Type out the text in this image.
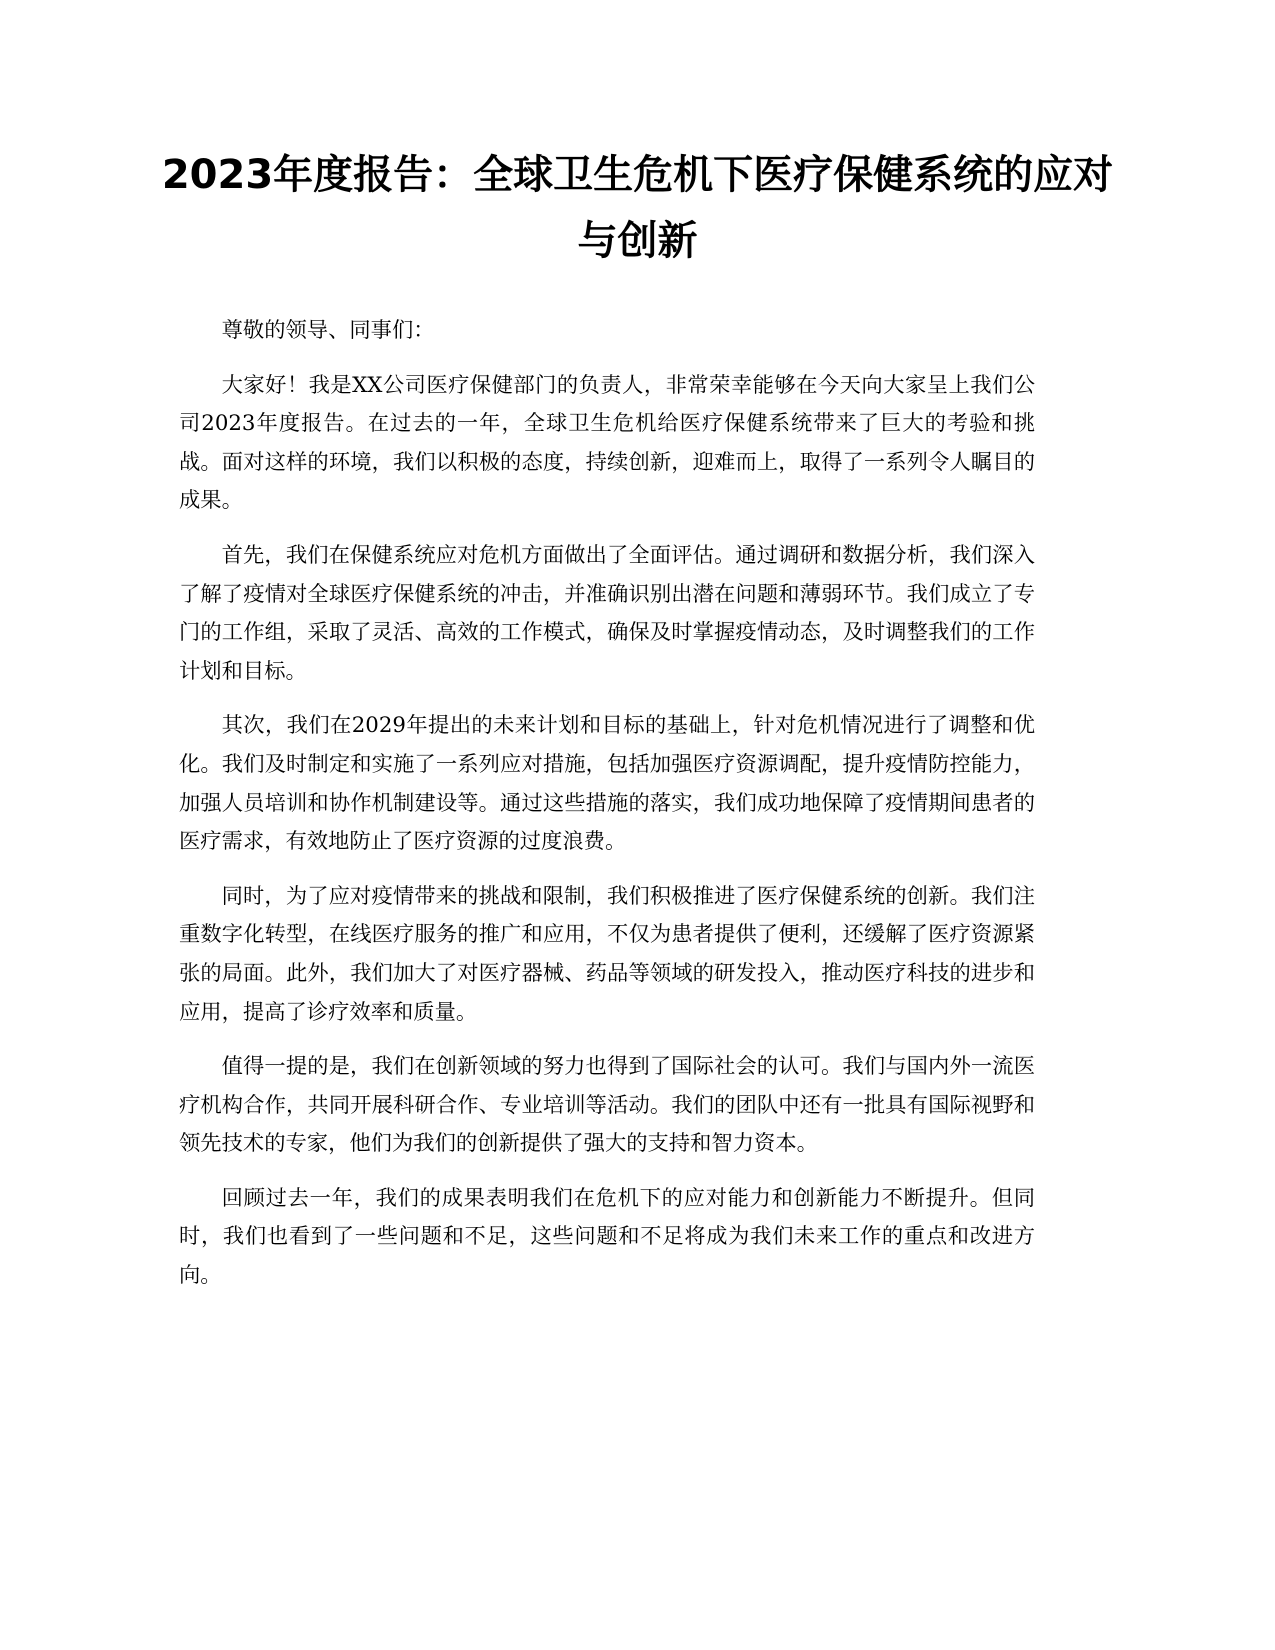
2023年度报告：全球卫生危机下医疗保健系统的应对与创新

尊敬的领导、同事们：

大家好！我是XX公司医疗保健部门的负责人，非常荣幸能够在今天向大家呈上我们公司2023年度报告。在过去的一年，全球卫生危机给医疗保健系统带来了巨大的考验和挑战。面对这样的环境，我们以积极的态度，持续创新，迎难而上，取得了一系列令人瞩目的成果。

首先，我们在保健系统应对危机方面做出了全面评估。通过调研和数据分析，我们深入了解了疫情对全球医疗保健系统的冲击，并准确识别出潜在问题和薄弱环节。我们成立了专门的工作组，采取了灵活、高效的工作模式，确保及时掌握疫情动态，及时调整我们的工作计划和目标。

其次，我们在2029年提出的未来计划和目标的基础上，针对危机情况进行了调整和优化。我们及时制定和实施了一系列应对措施，包括加强医疗资源调配，提升疫情防控能力，加强人员培训和协作机制建设等。通过这些措施的落实，我们成功地保障了疫情期间患者的医疗需求，有效地防止了医疗资源的过度浪费。

同时，为了应对疫情带来的挑战和限制，我们积极推进了医疗保健系统的创新。我们注重数字化转型，在线医疗服务的推广和应用，不仅为患者提供了便利，还缓解了医疗资源紧张的局面。此外，我们加大了对医疗器械、药品等领域的研发投入，推动医疗科技的进步和应用，提高了诊疗效率和质量。

值得一提的是，我们在创新领域的努力也得到了国际社会的认可。我们与国内外一流医疗机构合作，共同开展科研合作、专业培训等活动。我们的团队中还有一批具有国际视野和领先技术的专家，他们为我们的创新提供了强大的支持和智力资本。

回顾过去一年，我们的成果表明我们在危机下的应对能力和创新能力不断提升。但同时，我们也看到了一些问题和不足，这些问题和不足将成为我们未来工作的重点和改进方向。
